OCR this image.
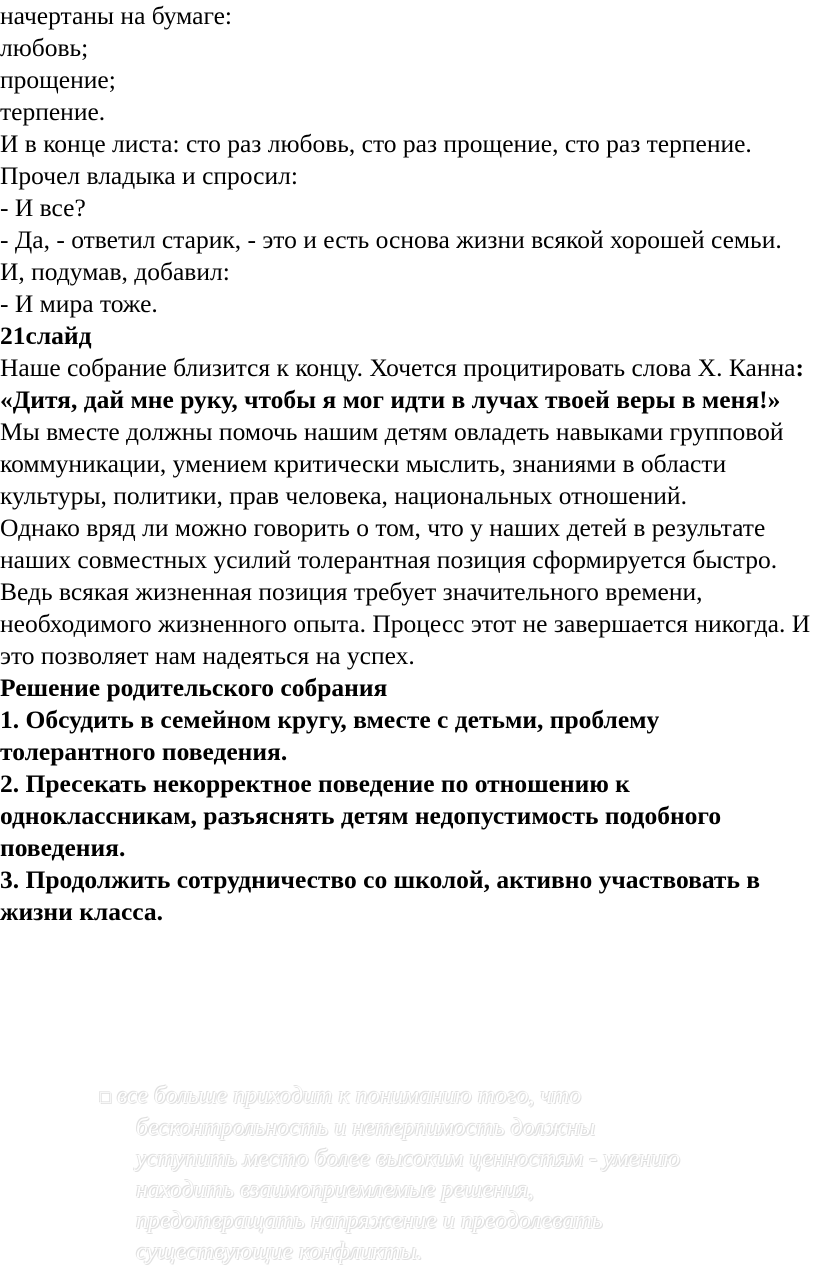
начертаны на бумаге:

любовь;

прощение;

терпение.

И в конце листа: сто раз любовь, сто раз прощение, сто раз терпение. Прочел владыка и спросил:

- И все?

- Да, - ответил старик, - это и есть основа жизни всякой хорошей семьи.

И, подумав, добавил:

- И мира тоже.

21слайд

Наше собрание близится к концу. Хочется процитировать слова Х. Канна: «Дитя, дай мне руку, чтобы я мог идти в лучах твоей веры в меня!» Мы вместе должны помочь нашим детям овладеть навыками групповой коммуникации, умением критически мыслить, знаниями в области культуры, политики, прав человека, национальных отношений.

Однако вряд ли можно говорить о том, что у наших детей в результате наших совместных усилий толерантная позиция сформируется быстро. Ведь всякая жизненная позиция требует значительного времени, необходимого жизненного опыта. Процесс этот не завершается никогда. И это позволяет нам надеяться на успех.

Решение родительского собрания

1. Обсудить в семейном кругу, вместе с детьми, проблему толерантного поведения.

2. Пресекать некорректное поведение по отношению к одноклассникам, разъяснять детям недопустимость подобного поведения.

3. Продолжить сотрудничество со школой, активно участвовать в жизни класса.

□ все больше приходит к пониманию того, что
бесконтрольность и нетерпимость должны
уступить место более высоким ценностям - умению
находить взаимоприемлемые решения,
предотвращать напряжение и преодолевать
существующие конфликты.
